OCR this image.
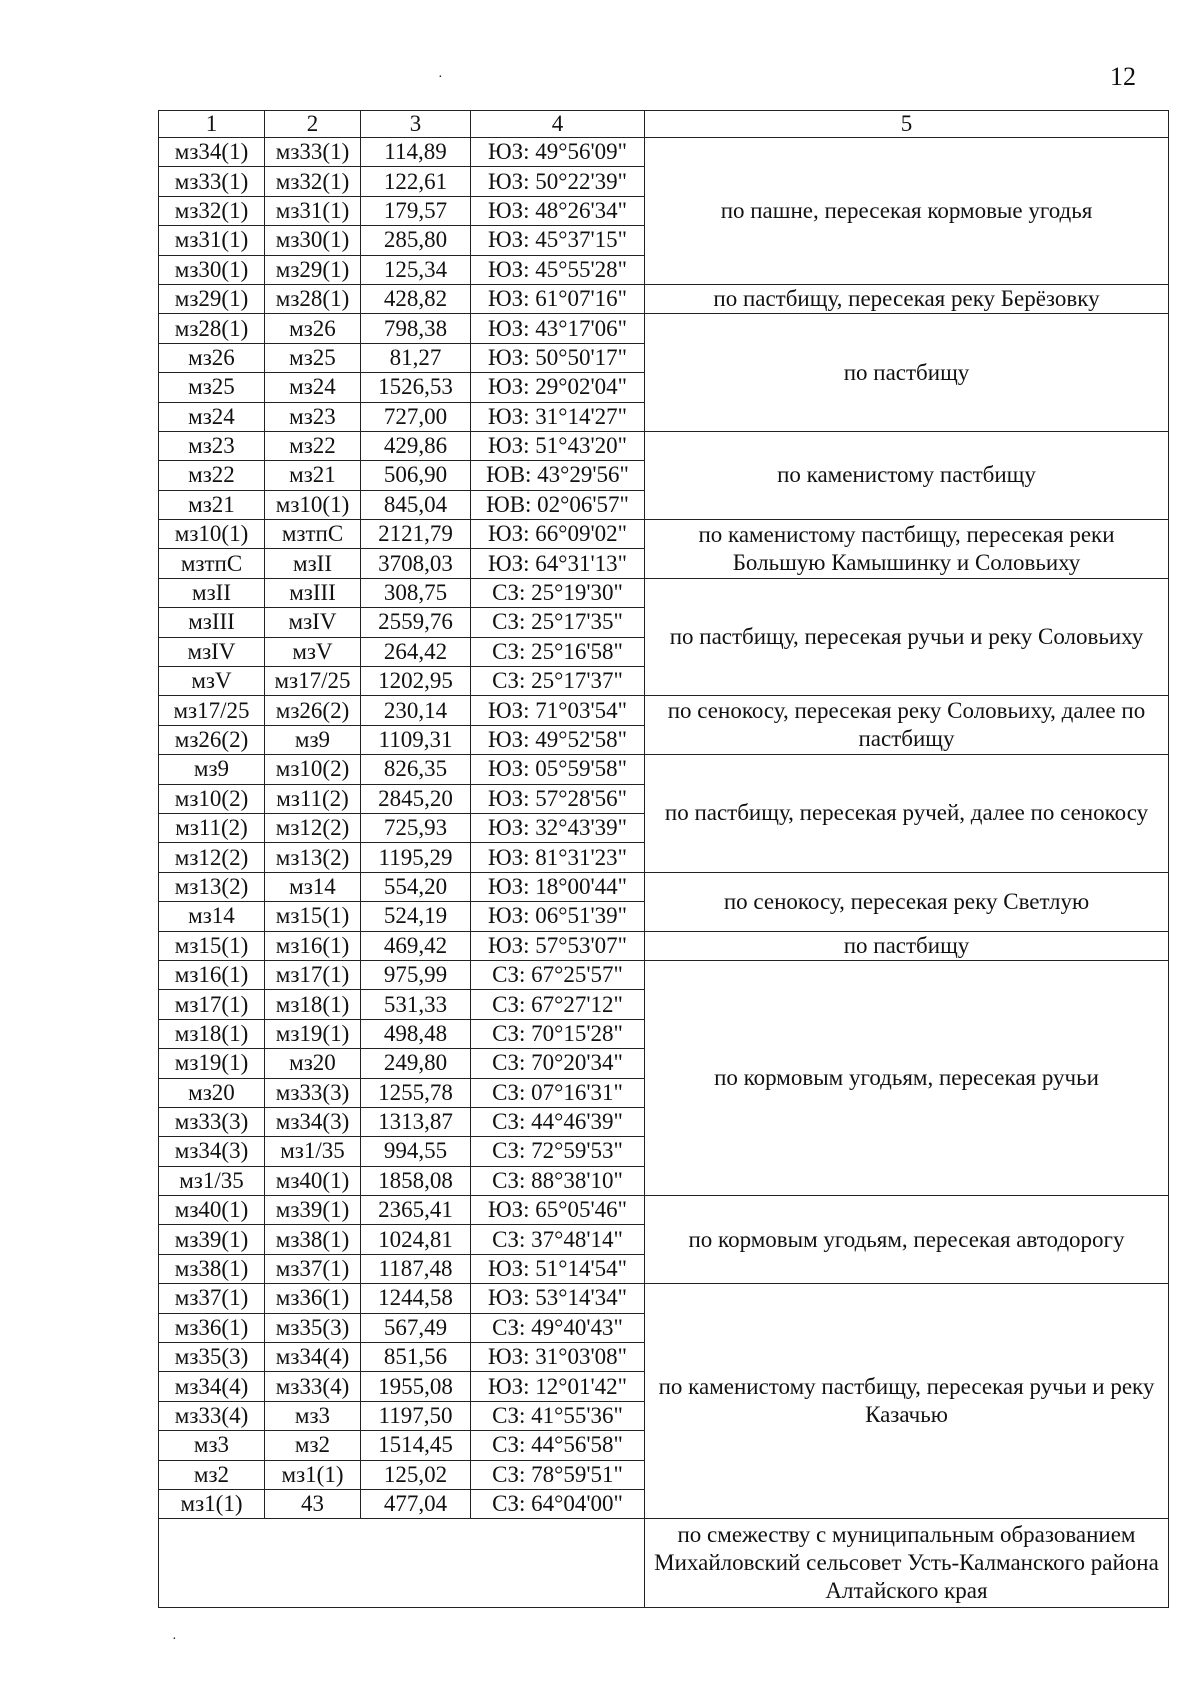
12
·
·
1	2	3	4	5
мз34(1)	мз33(1)	114,89	ЮЗ: 49°56'09"	по пашне, пересекая кормовые угодья
мз33(1)	мз32(1)	122,61	ЮЗ: 50°22'39"	
мз32(1)	мз31(1)	179,57	ЮЗ: 48°26'34"	
мз31(1)	мз30(1)	285,80	ЮЗ: 45°37'15"	
мз30(1)	мз29(1)	125,34	ЮЗ: 45°55'28"	
мз29(1)	мз28(1)	428,82	ЮЗ: 61°07'16"	по пастбищу, пересекая реку Берёзовку
мз28(1)	мз26	798,38	ЮЗ: 43°17'06"	по пастбищу
мз26	мз25	81,27	ЮЗ: 50°50'17"	
мз25	мз24	1526,53	ЮЗ: 29°02'04"	
мз24	мз23	727,00	ЮЗ: 31°14'27"	
мз23	мз22	429,86	ЮЗ: 51°43'20"	по каменистому пастбищу
мз22	мз21	506,90	ЮВ: 43°29'56"	
мз21	мз10(1)	845,04	ЮВ: 02°06'57"	
мз10(1)	мзтпС	2121,79	ЮЗ: 66°09'02"	по каменистому пастбищу, пересекая реки Большую Камышинку и Соловьиху
мзтпС	мзII	3708,03	ЮЗ: 64°31'13"	
мзII	мзIII	308,75	СЗ: 25°19'30"	по пастбищу, пересекая ручьи и реку Соловьиху
мзIII	мзIV	2559,76	СЗ: 25°17'35"	
мзIV	мзV	264,42	СЗ: 25°16'58"	
мзV	мз17/25	1202,95	СЗ: 25°17'37"	
мз17/25	мз26(2)	230,14	ЮЗ: 71°03'54"	по сенокосу, пересекая реку Соловьиху, далее по пастбищу
мз26(2)	мз9	1109,31	ЮЗ: 49°52'58"	
мз9	мз10(2)	826,35	ЮЗ: 05°59'58"	по пастбищу, пересекая ручей, далее по сенокосу
мз10(2)	мз11(2)	2845,20	ЮЗ: 57°28'56"	
мз11(2)	мз12(2)	725,93	ЮЗ: 32°43'39"	
мз12(2)	мз13(2)	1195,29	ЮЗ: 81°31'23"	
мз13(2)	мз14	554,20	ЮЗ: 18°00'44"	по сенокосу, пересекая реку Светлую
мз14	мз15(1)	524,19	ЮЗ: 06°51'39"	
мз15(1)	мз16(1)	469,42	ЮЗ: 57°53'07"	по пастбищу
мз16(1)	мз17(1)	975,99	СЗ: 67°25'57"	по кормовым угодьям, пересекая ручьи
мз17(1)	мз18(1)	531,33	СЗ: 67°27'12"	
мз18(1)	мз19(1)	498,48	СЗ: 70°15'28"	
мз19(1)	мз20	249,80	СЗ: 70°20'34"	
мз20	мз33(3)	1255,78	СЗ: 07°16'31"	
мз33(3)	мз34(3)	1313,87	СЗ: 44°46'39"	
мз34(3)	мз1/35	994,55	СЗ: 72°59'53"	
мз1/35	мз40(1)	1858,08	СЗ: 88°38'10"	
мз40(1)	мз39(1)	2365,41	ЮЗ: 65°05'46"	по кормовым угодьям, пересекая автодорогу
мз39(1)	мз38(1)	1024,81	СЗ: 37°48'14"	
мз38(1)	мз37(1)	1187,48	ЮЗ: 51°14'54"	
мз37(1)	мз36(1)	1244,58	ЮЗ: 53°14'34"	по каменистому пастбищу, пересекая ручьи и реку Казачью
мз36(1)	мз35(3)	567,49	СЗ: 49°40'43"	
мз35(3)	мз34(4)	851,56	ЮЗ: 31°03'08"	
мз34(4)	мз33(4)	1955,08	ЮЗ: 12°01'42"	
мз33(4)	мз3	1197,50	СЗ: 41°55'36"	
мз3	мз2	1514,45	СЗ: 44°56'58"	
мз2	мз1(1)	125,02	СЗ: 78°59'51"	
мз1(1)	43	477,04	СЗ: 64°04'00"	
				по смежеству с муниципальным образованием Михайловский сельсовет Усть-Калманского района Алтайского края
